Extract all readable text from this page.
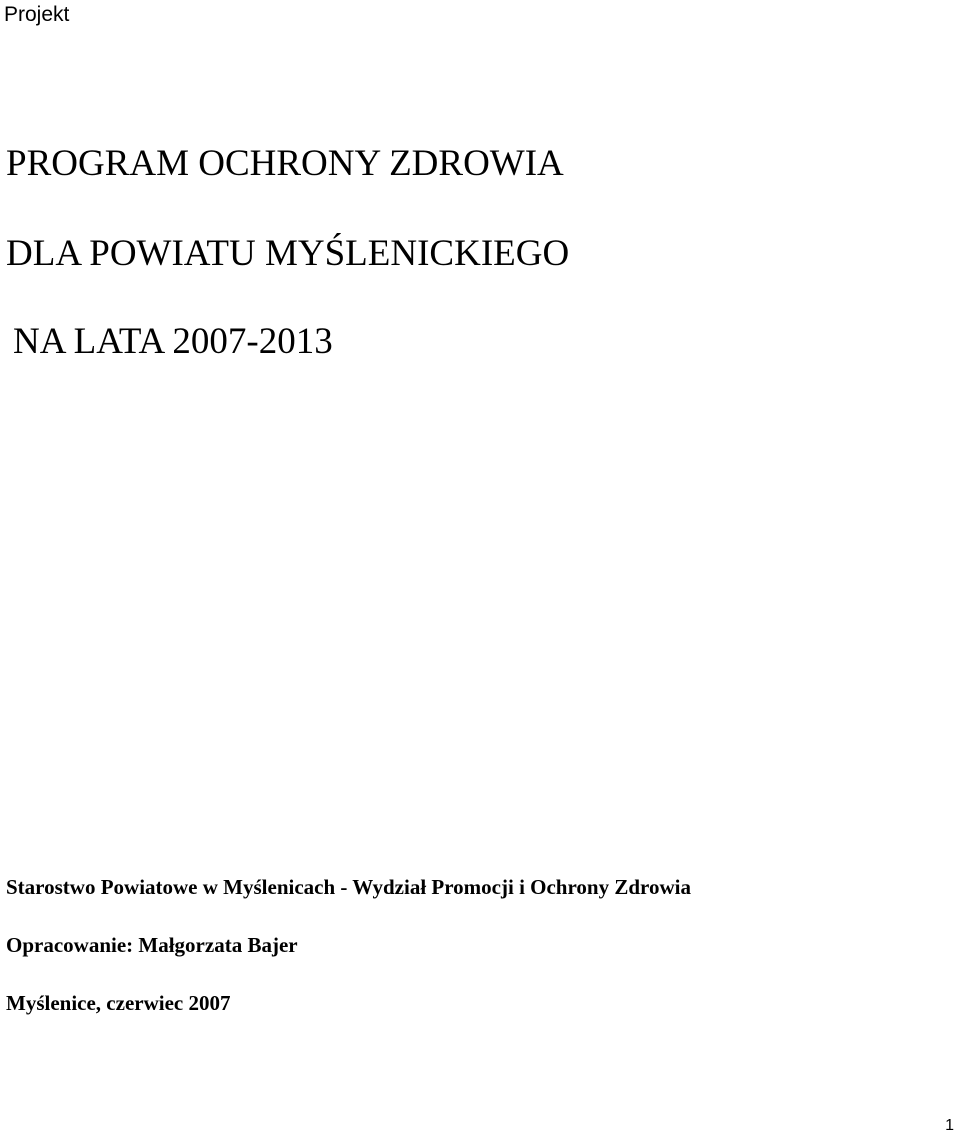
Projekt
PROGRAM OCHRONY ZDROWIA
DLA POWIATU MYŚLENICKIEGO
NA LATA 2007-2013
Starostwo Powiatowe w Myślenicach - Wydział Promocji i Ochrony Zdrowia
Opracowanie: Małgorzata Bajer
Myślenice, czerwiec 2007
1
